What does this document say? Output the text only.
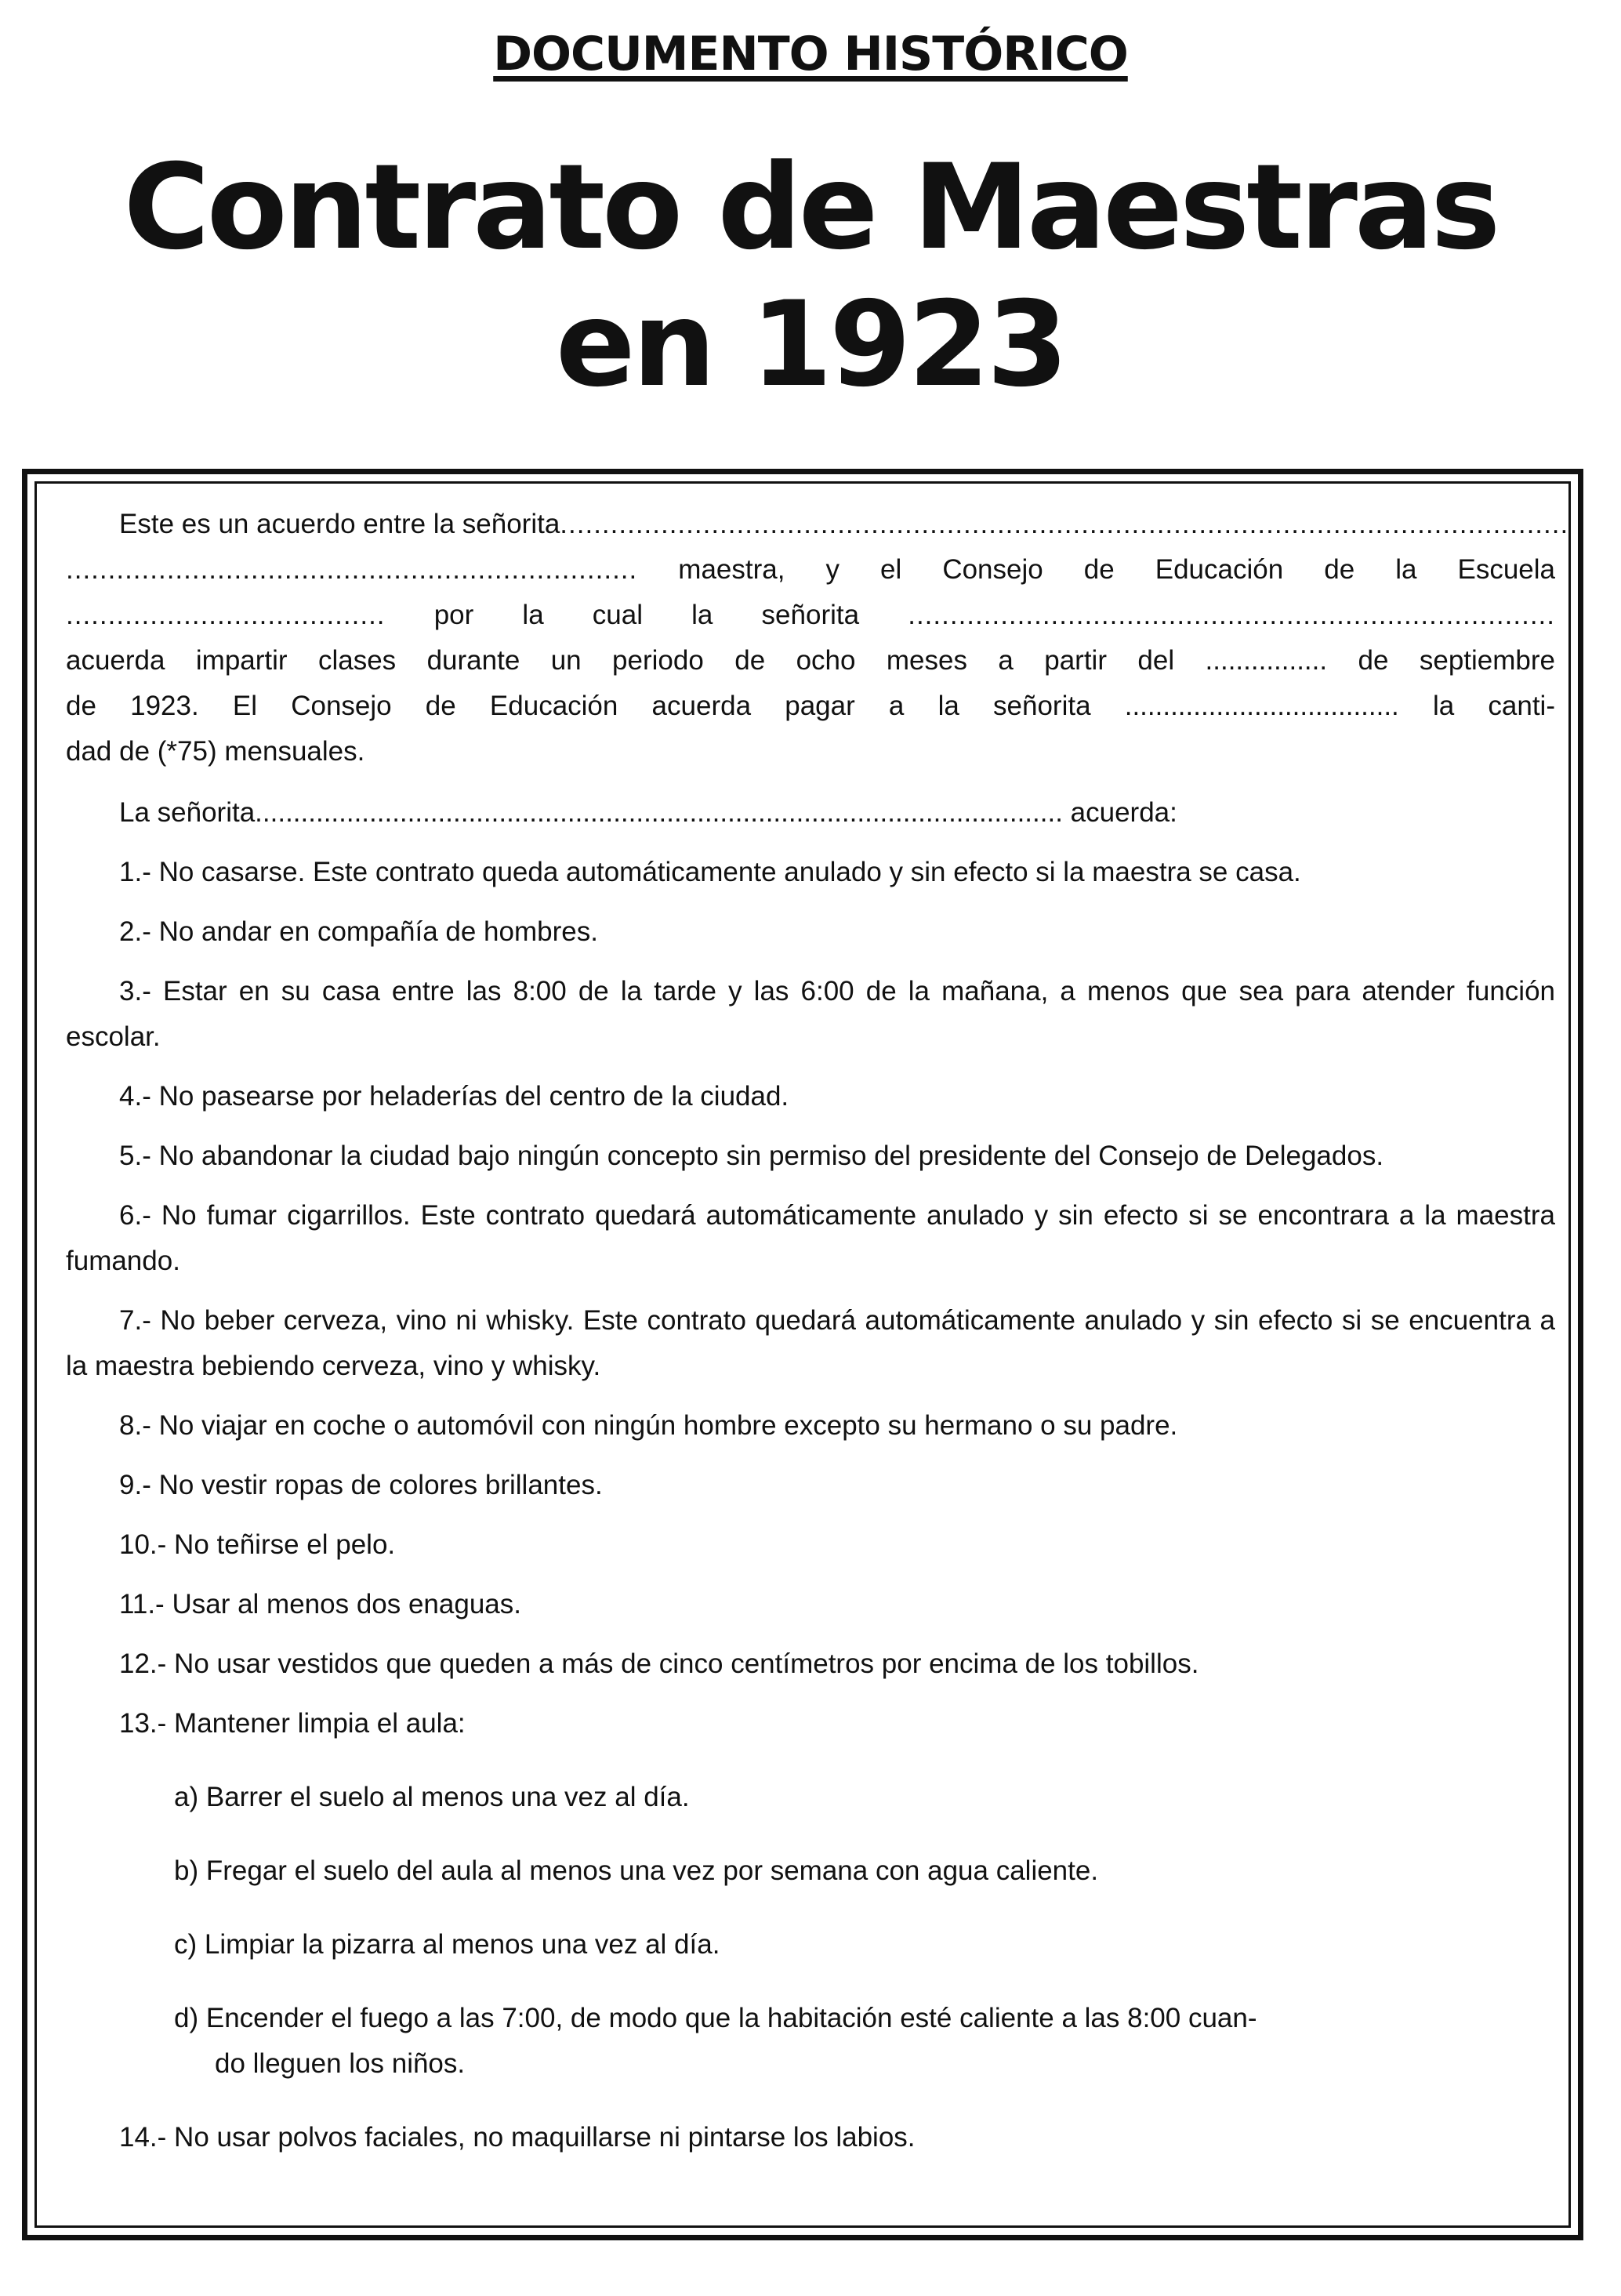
DOCUMENTO HISTÓRICO
Contrato de Maestras
en 1923
Este es un acuerdo entre la señorita........................................................................................................................
.................................................................... maestra, y el Consejo de Educación de la Escuela
...................................... por la cual la señorita .............................................................................
acuerda impartir clases durante un periodo de ocho meses a partir del ................ de septiembre
de 1923. El Consejo de Educación acuerda pagar a la señorita .................................... la canti-
dad de (*75) mensuales.
La señorita.......................................................................................................... acuerda:
1.- No casarse. Este contrato queda automáticamente anulado y sin efecto si la maestra se casa.
2.- No andar en compañía de hombres.
3.- Estar en su casa entre las 8:00 de la tarde y las 6:00 de la mañana, a menos que sea para atender función escolar.
4.- No pasearse por heladerías del centro de la ciudad.
5.- No abandonar la ciudad bajo ningún concepto sin permiso del presidente del Consejo de Delegados.
6.- No fumar cigarrillos. Este contrato quedará automáticamente anulado y sin efecto si se encontrara a la maestra fumando.
7.- No beber cerveza, vino ni whisky. Este contrato quedará automáticamente anulado y sin efecto si se encuentra a la maestra bebiendo cerveza, vino y whisky.
8.- No viajar en coche o automóvil con ningún hombre excepto su hermano o su padre.
9.- No vestir ropas de colores brillantes.
10.- No teñirse el pelo.
11.- Usar al menos dos enaguas.
12.- No usar vestidos que queden a más de cinco centímetros por encima de los tobillos.
13.- Mantener limpia el aula:
a) Barrer el suelo al menos una vez al día.
b) Fregar el suelo del aula al menos una vez por semana con agua caliente.
c) Limpiar la pizarra al menos una vez al día.
d) Encender el fuego a las 7:00, de modo que la habitación esté caliente a las 8:00 cuan-
do lleguen los niños.
14.- No usar polvos faciales, no maquillarse ni pintarse los labios.
